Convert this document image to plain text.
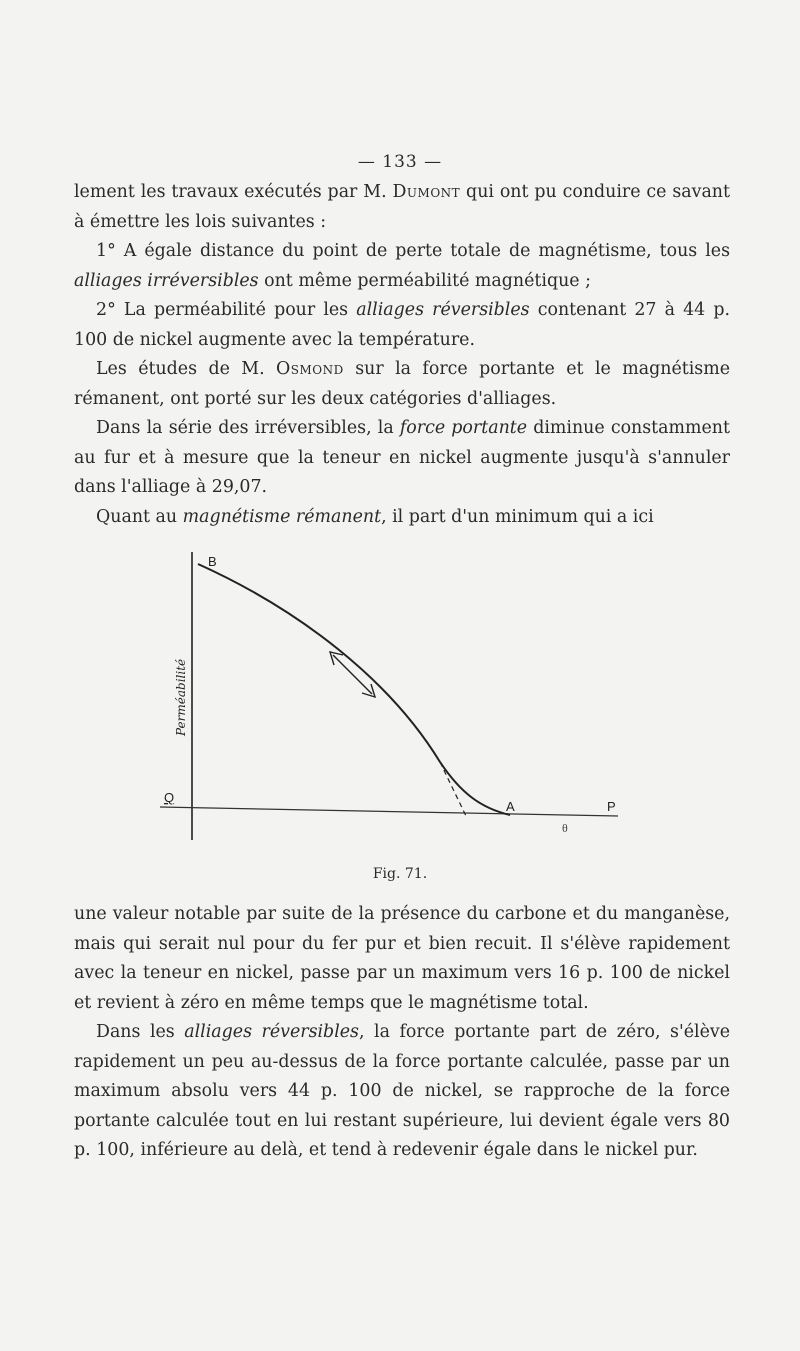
— 133 —

lement les travaux exécutés par M. Dumont qui ont pu conduire ce savant à émettre les lois suivantes :

1° A égale distance du point de perte totale de magnétisme, tous les alliages irréversibles ont même perméabilité magnétique ;

2° La perméabilité pour les alliages réversibles contenant 27 à 44 p. 100 de nickel augmente avec la température.

Les études de M. Osmond sur la force portante et le magnétisme rémanent, ont porté sur les deux catégories d'alliages.

Dans la série des irréversibles, la force portante diminue constamment au fur et à mesure que la teneur en nickel augmente jusqu'à s'annuler dans l'alliage à 29,07.

Quant au magnétisme rémanent, il part d'un minimum qui a ici

B
Q
A	P
θ
Perméabilité
Fig. 71.

une valeur notable par suite de la présence du carbone et du manganèse, mais qui serait nul pour du fer pur et bien recuit. Il s'élève rapidement avec la teneur en nickel, passe par un maximum vers 16 p. 100 de nickel et revient à zéro en même temps que le magnétisme total.

Dans les alliages réversibles, la force portante part de zéro, s'élève rapidement un peu au-dessus de la force portante calculée, passe par un maximum absolu vers 44 p. 100 de nickel, se rapproche de la force portante calculée tout en lui restant supérieure, lui devient égale vers 80 p. 100, inférieure au delà, et tend à redevenir égale dans le nickel pur.
